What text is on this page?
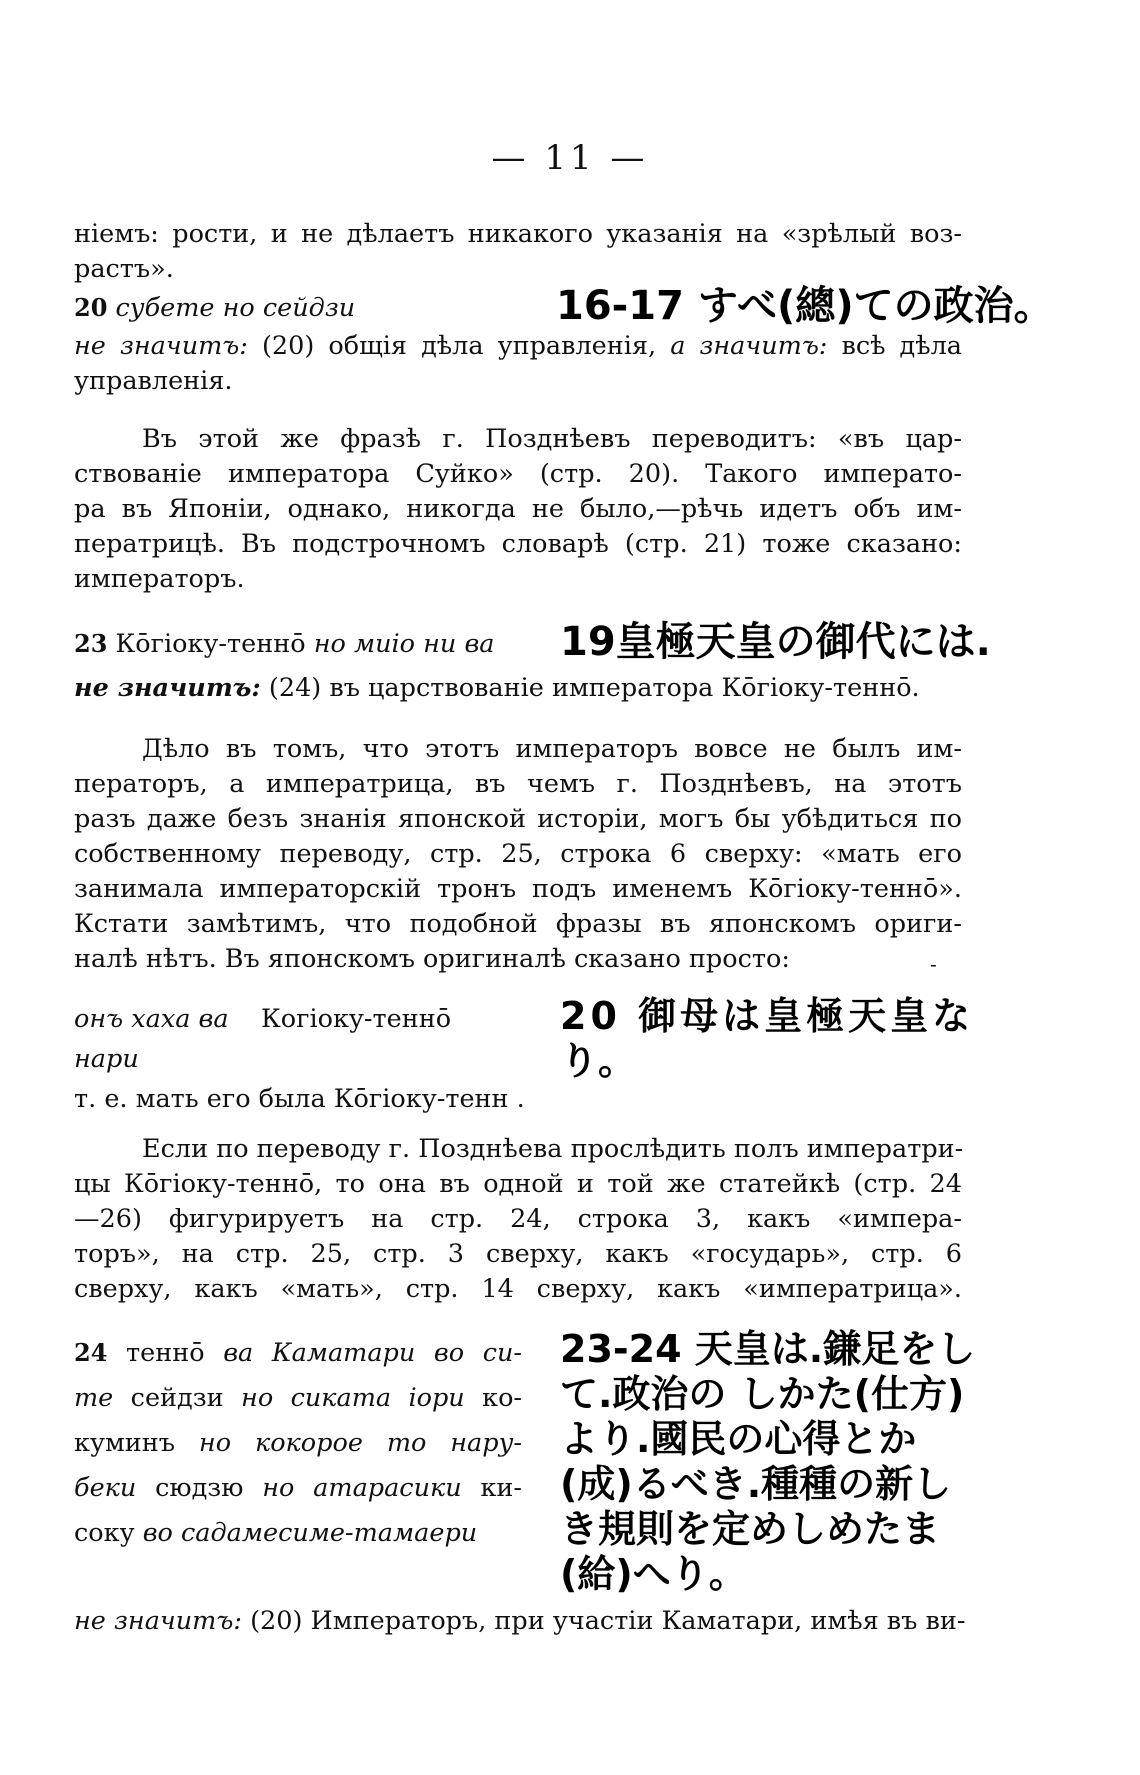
— 11 —
ніемъ: рости, и не дѣлаетъ никакого указанія на «зрѣлый воз-
растъ».
20 субете но сейдзи	16-17 すべ(總)ての政治。
не значитъ: (20) общія дѣла управленія, а значитъ: всѣ дѣла
управленія.
Въ этой же фразѣ г. Позднѣевъ переводитъ: «въ цар-
ствованіе императора Суйко» (стр. 20). Такого императо-
ра въ Японіи, однако, никогда не было,—рѣчь идетъ объ им-
ператрицѣ. Въ подстрочномъ словарѣ (стр. 21) тоже сказано:
императоръ.
23 Кōгіоку-теннō но миіо ни ва	19皇極天皇の御代には.
не значитъ: (24) въ царствованіе императора Кōгіоку-теннō.
Дѣло въ томъ, что этотъ императоръ вовсе не былъ им-
ператоръ, а императрица, въ чемъ г. Позднѣевъ, на этотъ
разъ даже безъ знанія японской исторіи, могъ бы убѣдиться по
собственному переводу, стр. 25, строка 6 сверху: «мать его
занимала императорскій тронъ подъ именемъ Кōгіоку-теннō».
Кстати замѣтимъ, что подобной фразы въ японскомъ ориги-
налѣ нѣтъ. Въ японскомъ оригиналѣ сказано просто:	-
онъ хаха ва Кoгіоку-теннō
нари
20 御母は皇極天皇な
り。
т. е. мать его была Кōгіоку-тенн .
Если по переводу г. Позднѣева прослѣдить полъ императри-
цы Кōгіоку-теннō, то она въ одной и той же статейкѣ (стр. 24
—26) фигурируетъ на стр. 24, строка 3, какъ «импера-
торъ», на стр. 25, стр. 3 сверху, какъ «государь», стр. 6
сверху, какъ «мать», стр. 14 сверху, какъ «императрица».
24 теннō ва Каматари во си-
те сейдзи но сиката іори ко-
куминъ но кокорое то нару-
беки сюдзю но атарасики ки-
соку во садамесиме-тамаери
23-24 天皇は.鎌足をし
て.政治の しかた(仕方)
より.國民の心得とか
(成)るべき.種種の新し
き規則を定めしめたま
(給)へり。
не значитъ: (20) Императоръ, при участіи Каматари, имѣя въ ви-
